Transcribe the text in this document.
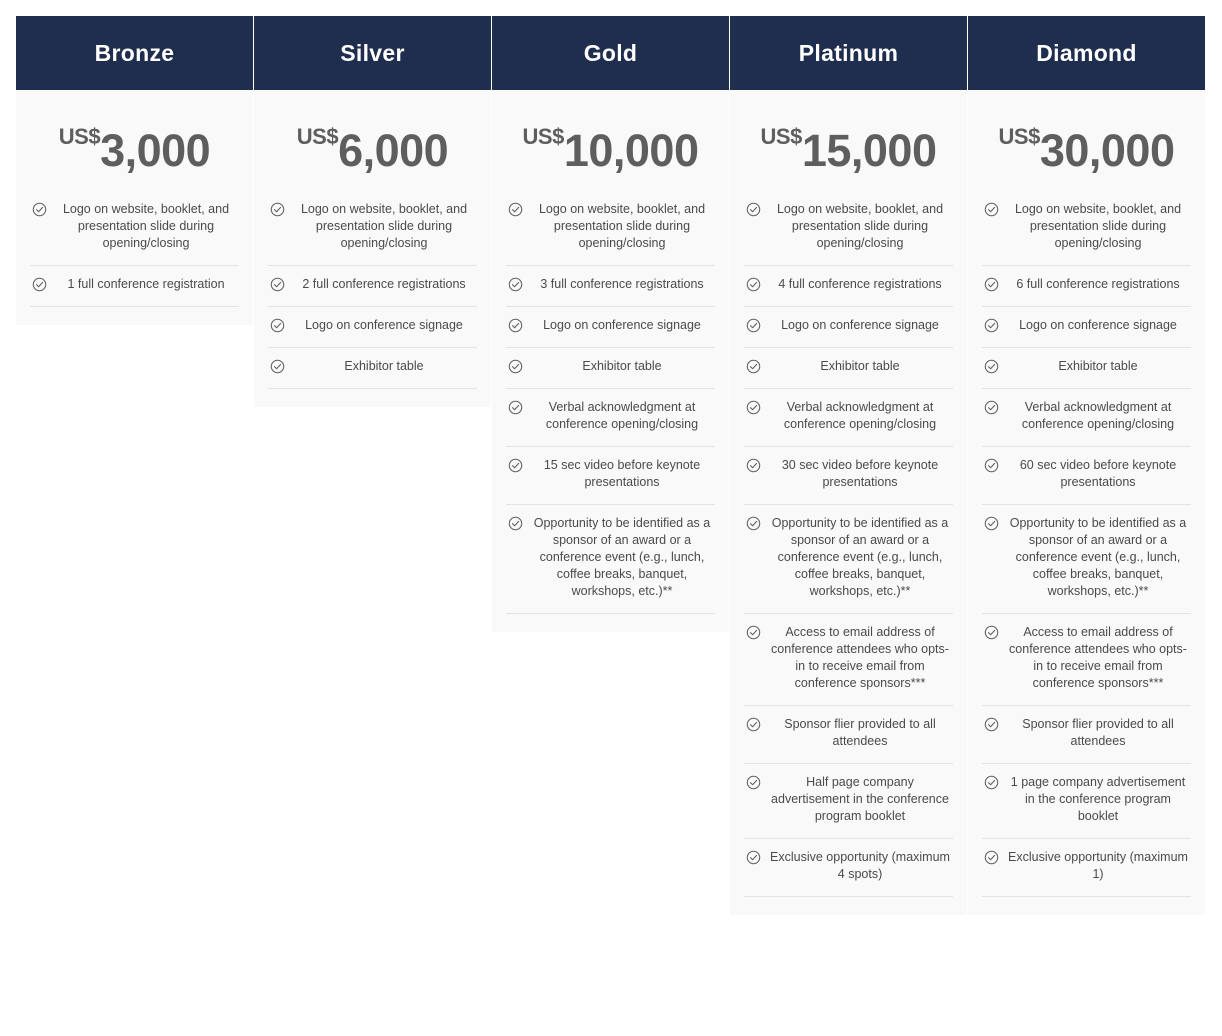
Bronze
US$3,000
Logo on website, booklet, and presentation slide during opening/closing
1 full conference registration
Silver
US$6,000
Logo on website, booklet, and presentation slide during opening/closing
2 full conference registrations
Logo on conference signage
Exhibitor table
Gold
US$10,000
Logo on website, booklet, and presentation slide during opening/closing
3 full conference registrations
Logo on conference signage
Exhibitor table
Verbal acknowledgment at conference opening/closing
15 sec video before keynote presentations
Opportunity to be identified as a sponsor of an award or a conference event (e.g., lunch, coffee breaks, banquet, workshops, etc.)**
Platinum
US$15,000
Logo on website, booklet, and presentation slide during opening/closing
4 full conference registrations
Logo on conference signage
Exhibitor table
Verbal acknowledgment at conference opening/closing
30 sec video before keynote presentations
Opportunity to be identified as a sponsor of an award or a conference event (e.g., lunch, coffee breaks, banquet, workshops, etc.)**
Access to email address of conference attendees who opts-in to receive email from conference sponsors***
Sponsor flier provided to all attendees
Half page company advertisement in the conference program booklet
Exclusive opportunity (maximum 4 spots)
Diamond
US$30,000
Logo on website, booklet, and presentation slide during opening/closing
6 full conference registrations
Logo on conference signage
Exhibitor table
Verbal acknowledgment at conference opening/closing
60 sec video before keynote presentations
Opportunity to be identified as a sponsor of an award or a conference event (e.g., lunch, coffee breaks, banquet, workshops, etc.)**
Access to email address of conference attendees who opts-in to receive email from conference sponsors***
Sponsor flier provided to all attendees
1 page company advertisement in the conference program booklet
Exclusive opportunity (maximum 1)
